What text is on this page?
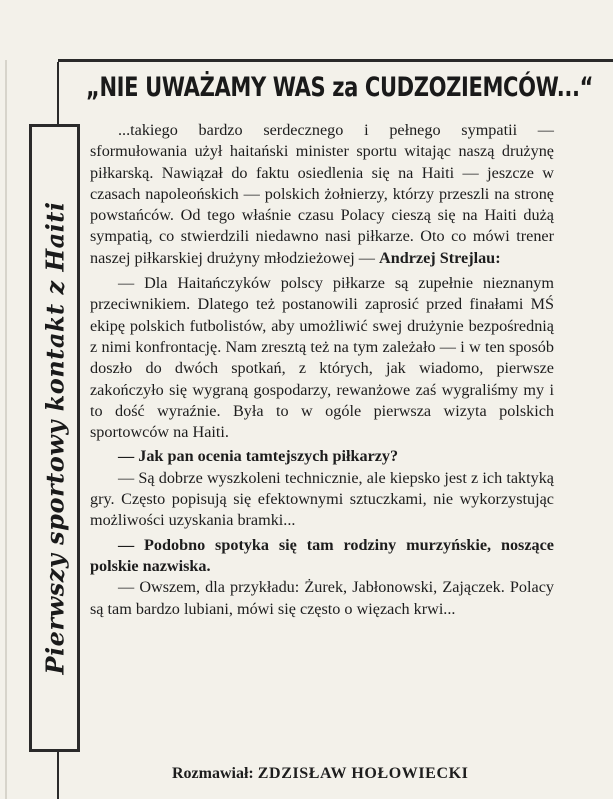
Pierwszy sportowy kontakt z Haiti
„NIE UWAŻAMY WAS za CUDZOZIEMCÓW...“

...takiego bardzo serdecznego i pełnego sympatii — sformułowania użył haitański minister sportu witając naszą drużynę piłkarską. Nawiązał do faktu osiedlenia się na Haiti — jeszcze w czasach napoleońskich — polskich żołnierzy, którzy przeszli na stronę powstańców. Od tego właśnie czasu Polacy cieszą się na Haiti dużą sympatią, co stwierdzili niedawno nasi piłkarze. Oto co mówi trener naszej piłkarskiej drużyny młodzieżowej — Andrzej Strejlau:

— Dla Haitańczyków polscy piłkarze są zupełnie nieznanym przeciwnikiem. Dlatego też postanowili zaprosić przed finałami MŚ ekipę polskich futbolistów, aby umożliwić swej drużynie bezpośrednią z nimi konfrontację. Nam zresztą też na tym zależało — i w ten sposób doszło do dwóch spotkań, z których, jak wiadomo, pierwsze zakończyło się wygraną gospodarzy, rewanżowe zaś wygraliśmy my i to dość wyraźnie. Była to w ogóle pierwsza wizyta polskich sportowców na Haiti.

— Jak pan ocenia tamtejszych piłkarzy?

— Są dobrze wyszkoleni technicznie, ale kiepsko jest z ich taktyką gry. Często popisują się efektownymi sztuczkami, nie wykorzystując możliwości uzyskania bramki...

— Podobno spotyka się tam rodziny murzyńskie, noszące polskie nazwiska.

— Owszem, dla przykładu: Żurek, Jabłonowski, Zajączek. Polacy są tam bardzo lubiani, mówi się często o więzach krwi...

Rozmawiał: ZDZISŁAW HOŁOWIECKI
